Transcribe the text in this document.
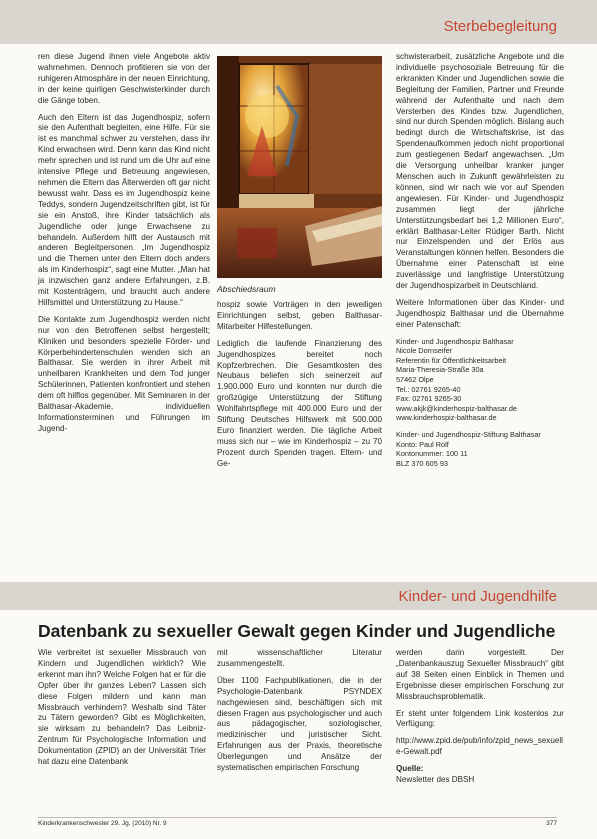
Sterbebegleitung

ren diese Jugend ihnen viele Angebote aktiv wahrnehmen. Dennoch profitieren sie von der ruhigeren Atmosphäre in der neuen Einrichtung, in der keine quirligen Geschwisterkinder durch die Gänge toben.

Auch den Eltern ist das Jugendhospiz, sofern sie den Aufenthalt begleiten, eine Hilfe. Für sie ist es manchmal schwer zu verstehen, dass ihr Kind erwachsen wird. Denn kann das Kind nicht mehr sprechen und ist rund um die Uhr auf eine intensive Pflege und Betreuung angewiesen, nehmen die Eltern das Älterwerden oft gar nicht bewusst wahr. Dass es im Jugendhospiz keine Teddys, sondern Jugendzeitschriften gibt, ist für sie ein Anstoß, ihre Kinder tatsächlich als Jugendliche oder junge Erwachsene zu behandeln. Außerdem hilft der Austausch mit anderen Begleitpersonen. „Im Jugendhospiz und die Themen unter den Eltern doch anders als im Kinderhospiz“, sagt eine Mutter. „Man hat ja inzwischen ganz andere Erfahrungen, z.B. mit Kostenträgern, und braucht auch andere Hilfsmittel und Unterstützung zu Hause.“

Die Kontakte zum Jugendhospiz werden nicht nur von den Betroffenen selbst hergestellt; Kliniken und besonders spezielle Förder- und Körperbehindertenschulen wenden sich an Balthasar. Sie werden in ihrer Arbeit mit unheilbaren Krankheiten und dem Tod junger Schülerinnen, Patienten konfrontiert und stehen dem oft hilflos gegenüber. Mit Seminaren in der Balthasar-Akademie, individuellen Informationsterminen und Führungen im Jugend-

Abschiedsraum

hospiz sowie Vorträgen in den jeweiligen Einrichtungen selbst, geben Balthasar-Mitarbeiter Hilfestellungen.

Lediglich die laufende Finanzierung des Jugendhospizes bereitet noch Kopfzerbrechen. Die Gesamtkosten des Neubaus beliefen sich seinerzeit auf 1.900.000 Euro und konnten nur durch die großzügige Unterstützung der Stiftung Wohlfahrtspflege mit 400.000 Euro und der Stiftung Deutsches Hilfswerk mit 500.000 Euro finanziert werden. Die tägliche Arbeit muss sich nur – wie im Kinderhospiz – zu 70 Prozent durch Spenden tragen. Eltern- und Ge-

schwisterarbeit, zusätzliche Angebote und die individuelle psychosoziale Betreuung für die erkrankten Kinder und Jugendlichen sowie die Begleitung der Familien, Partner und Freunde während der Aufenthalte und nach dem Versterben des Kindes bzw. Jugendlichen, sind nur durch Spenden möglich. Bislang auch bedingt durch die Wirtschaftskrise, ist das Spendenaufkommen jedoch nicht proportional zum gestiegenen Bedarf angewachsen. „Um die Versorgung unheilbar kranker junger Menschen auch in Zukunft gewährleisten zu können, sind wir nach wie vor auf Spenden angewiesen. Für Kinder- und Jugendhospiz zusammen liegt der jährliche Unterstützungsbedarf bei 1,2 Millionen Euro“, erklärt Balthasar-Leiter Rüdiger Barth. Nicht nur Einzelspenden und der Erlös aus Veranstaltungen können helfen. Besonders die Übernahme einer Patenschaft ist eine zuverlässige und langfristige Unterstützung der Jugendhospizarbeit in Deutschland.

Weitere Informationen über das Kinder- und Jugendhospiz Balthasar und die Übernahme einer Patenschaft:

Kinder- und Jugendhospiz Balthasar
Nicole Dornseifer
Referentin für Öffentlichkeitsarbeit
Maria-Theresia-Straße 30a
57462 Olpe
Tel.: 02761 9265-40
Fax: 02761 9265-30
www.akjk@kinderhospiz-balthasar.de
www.kinderhospiz-balthasar.de
Kinder- und Jugendhospiz-Stiftung Balthasar
Konto: Paul Rolf
Kontonummer: 100 11
BLZ 370 605 93
Kinder- und Jugendhilfe
Datenbank zu sexueller Gewalt gegen Kinder und Jugendliche

Wie verbreitet ist sexueller Missbrauch von Kindern und Jugendlichen wirklich? Wie erkennt man ihn? Welche Folgen hat er für die Opfer über ihr ganzes Leben? Lassen sich diese Folgen mildern und kann man Missbrauch verhindern? Weshalb sind Täter zu Tätern geworden? Gibt es Möglichkeiten, sie wirksam zu behandeln? Das Leibniz-Zentrum für Psychologische Information und Dokumentation (ZPID) an der Universität Trier hat dazu eine Datenbank

mit wissenschaftlicher Literatur zusammengestellt.

Über 1100 Fachpublikationen, die in der Psychologie-Datenbank PSYNDEX nachgewiesen sind, beschäftigen sich mit diesen Fragen aus psychologischer und auch aus pädagogischer, soziologischer, medizinischer und juristischer Sicht. Erfahrungen aus der Praxis, theoretische Überlegungen und Ansätze der systematischen empirischen Forschung

werden darin vorgestellt. Der „Datenbankauszug Sexueller Missbrauch“ gibt auf 38 Seiten einen Einblick in Themen und Ergebnisse dieser empirischen Forschung zur Missbrauchsproblematik.

Er steht unter folgendem Link kostenlos zur Verfügung:

http://www.zpid.de/pub/info/zpid_news_sexuelle-Gewalt.pdf

Quelle:

Newsletter des DBSH

Kinderkrankenschwester 29. Jg. (2010) Nr. 9	377
